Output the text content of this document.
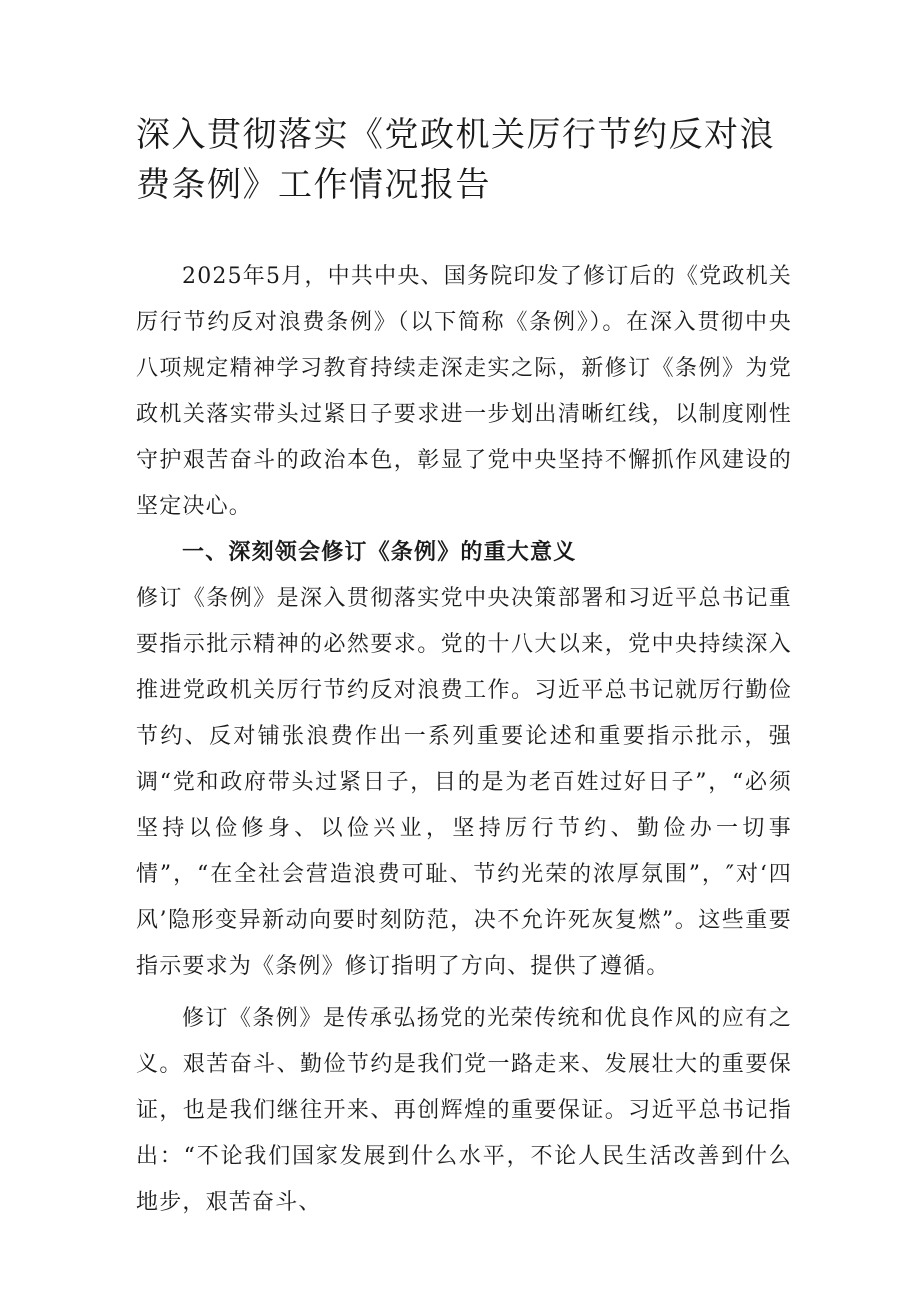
深入贯彻落实《党政机关厉行节约反对浪费条例》工作情况报告

2025年5月，中共中央、国务院印发了修订后的《党政机关厉行节约反对浪费条例》（以下简称《条例》）。在深入贯彻中央八项规定精神学习教育持续走深走实之际，新修订《条例》为党政机关落实带头过紧日子要求进一步划出清晰红线，以制度刚性守护艰苦奋斗的政治本色，彰显了党中央坚持不懈抓作风建设的坚定决心。

一、深刻领会修订《条例》的重大意义

修订《条例》是深入贯彻落实党中央决策部署和习近平总书记重要指示批示精神的必然要求。党的十八大以来，党中央持续深入推进党政机关厉行节约反对浪费工作。习近平总书记就厉行勤俭节约、反对铺张浪费作出一系列重要论述和重要指示批示，强调“党和政府带头过紧日子，目的是为老百姓过好日子”，“必须坚持以俭修身、以俭兴业，坚持厉行节约、勤俭办一切事情”，“在全社会营造浪费可耻、节约光荣的浓厚氛围”，″对‘四风’隐形变异新动向要时刻防范，决不允许死灰复燃”。这些重要指示要求为《条例》修订指明了方向、提供了遵循。

修订《条例》是传承弘扬党的光荣传统和优良作风的应有之义。艰苦奋斗、勤俭节约是我们党一路走来、发展壮大的重要保证，也是我们继往开来、再创辉煌的重要保证。习近平总书记指出：“不论我们国家发展到什么水平，不论人民生活改善到什么地步，艰苦奋斗、
